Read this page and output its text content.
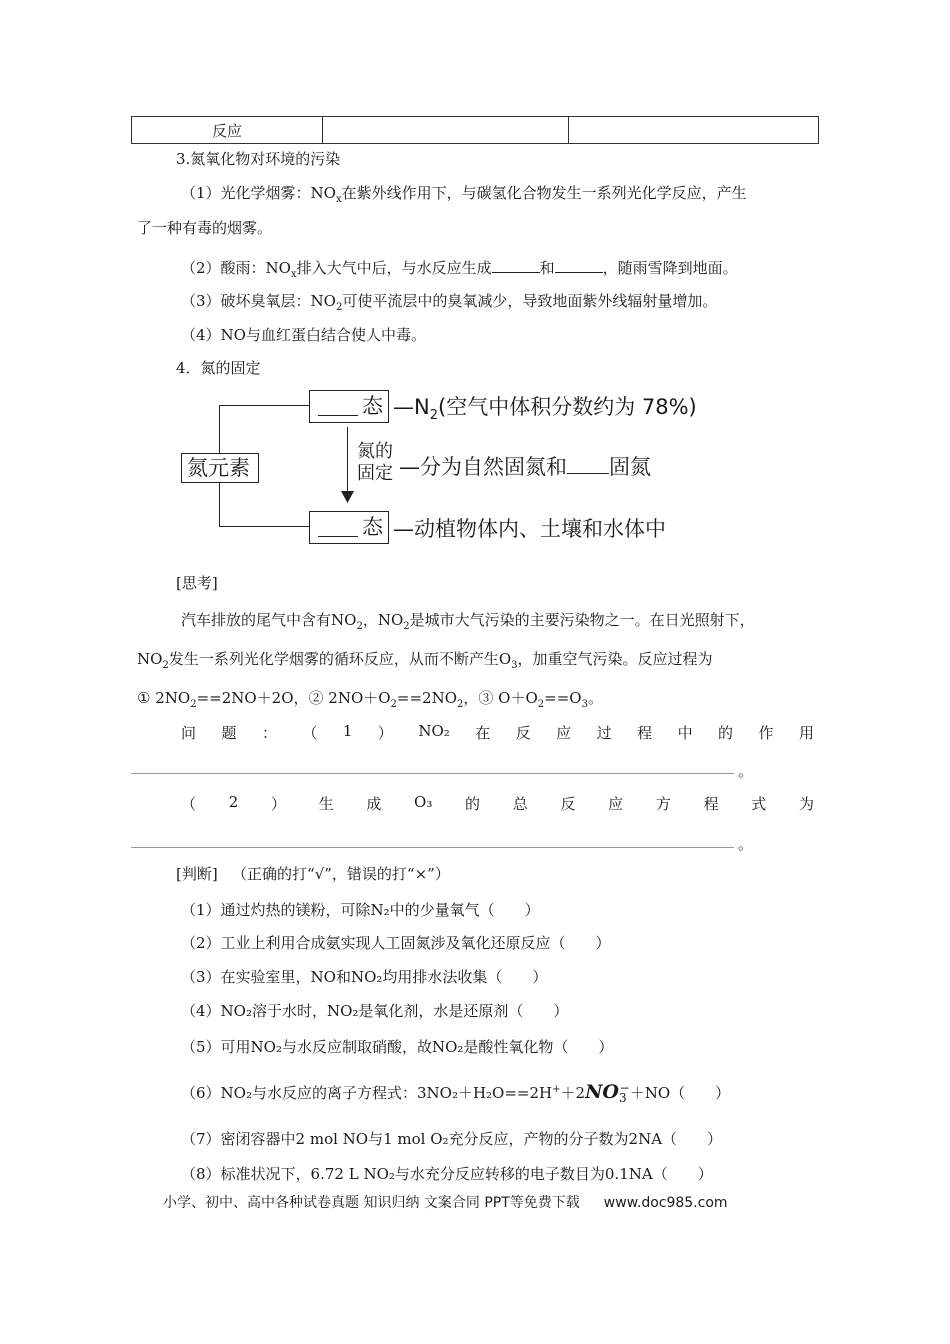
反应		
3.氮氧化物对环境的污染
（1）光化学烟雾：$NO_x$在紫外线作用下，与碳氢化合物发生一系列光化学反应，产生
了一种有毒的烟雾。
（2）酸雨：$NO_x$排入大气中后，与水反应生成	和	，随雨雪降到地面。
（3）破坏臭氧层：$NO_2$可使平流层中的臭氧减少，导致地面紫外线辐射量增加。
（4）NO与血红蛋白结合使人中毒。
4．氮的固定
氮元素
态 $—N_2$(空气中体积分数约为 78%)
氮的
固定 —分为自然固氮和 固氮
态 —动植物体内、土壤和水体中
[思考]
汽车排放的尾气中含有$NO_2$，$NO_2$是城市大气污染的主要污染物之一。在日光照射下，
$NO_2$发生一系列光化学烟雾的循环反应，从而不断产生$O_3$，加重空气污染。反应过程为
① $2NO_2==2NO+2O$，② $2NO+O_2==2NO_2$，③ $O+O_2==O_3$。
问 题 ： （ 1 ） NO₂ 在 反 应 过 程 中 的 作 用
。
（ 2 ） 生 成 O₃ 的 总 反 应 方 程 式 为
。
[判断] （正确的打“√”，错误的打“×”）
（1）通过灼热的镁粉，可除N₂中的少量氧气（　　）
（2）工业上利用合成氨实现人工固氮涉及氧化还原反应（　　）
（3）在实验室里，NO和NO₂均用排水法收集（　　）
（4）NO₂溶于水时，NO₂是氧化剂，水是还原剂（　　）
（5）可用NO₂与水反应制取硝酸，故NO₂是酸性氧化物（　　）
（6）NO₂与水反应的离子方程式：$3NO_2+H_2O==2H^++2NO_3^-+NO$（　　）
（7）密闭容器中2 mol NO与1 mol O₂充分反应，产物的分子数为2NA（　　）
（8）标准状况下，6.72 L NO₂与水充分反应转移的电子数目为0.1NA（　　）
小学、初中、高中各种试卷真题 知识归纳 文案合同 PPT等免费下载 www.doc985.com
